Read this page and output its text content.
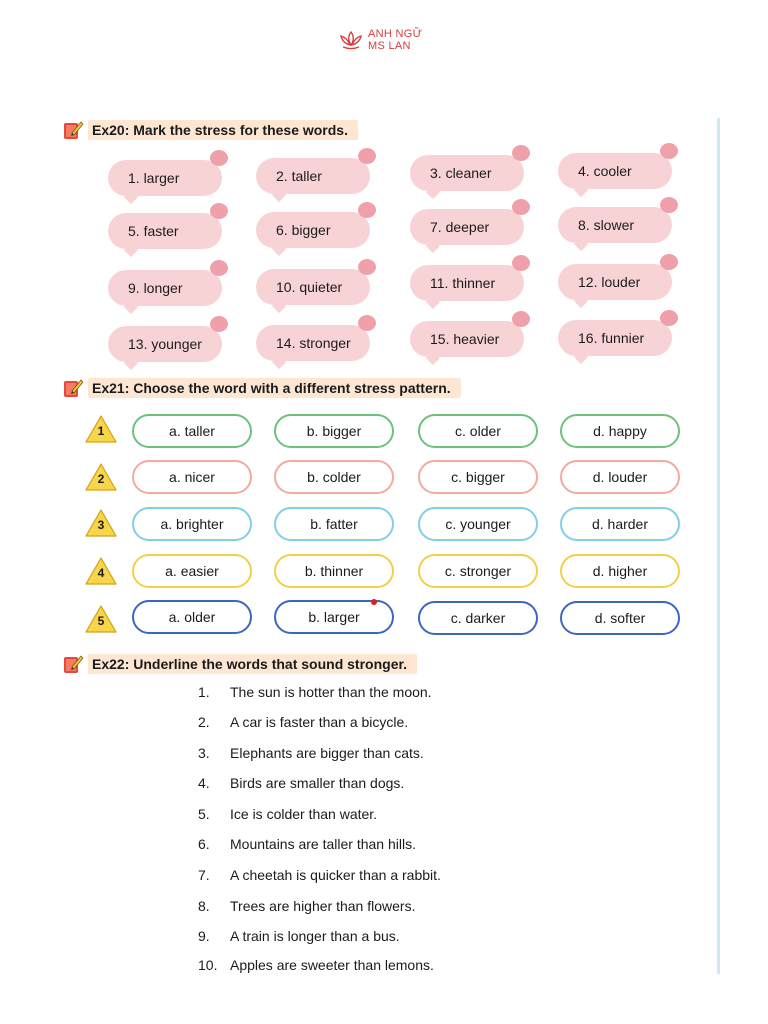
ANH NGỮ
MS LAN
Ex20: Mark the stress for these words.
1. larger	2. taller	3. cleaner	4. cooler
5. faster	6. bigger	7. deeper	8. slower
9. longer	10. quieter	11. thinner	12. louder
13. younger	14. stronger	15. heavier	16. funnier
Ex21: Choose the word with a different stress pattern.
1	a. taller	b. bigger	c. older	d. happy
2	a. nicer	b. colder	c. bigger	d. louder
3	a. brighter	b. fatter	c. younger	d. harder
4	a. easier	b. thinner	c. stronger	d. higher
5	a. older	b. larger	c. darker	d. softer
Ex22: Underline the words that sound stronger.
1.	The sun is hotter than the moon.
2.	A car is faster than a bicycle.
3.	Elephants are bigger than cats.
4.	Birds are smaller than dogs.
5.	Ice is colder than water.
6.	Mountains are taller than hills.
7.	A cheetah is quicker than a rabbit.
8.	Trees are higher than flowers.
9.	A train is longer than a bus.
10. Apples are sweeter than lemons.
